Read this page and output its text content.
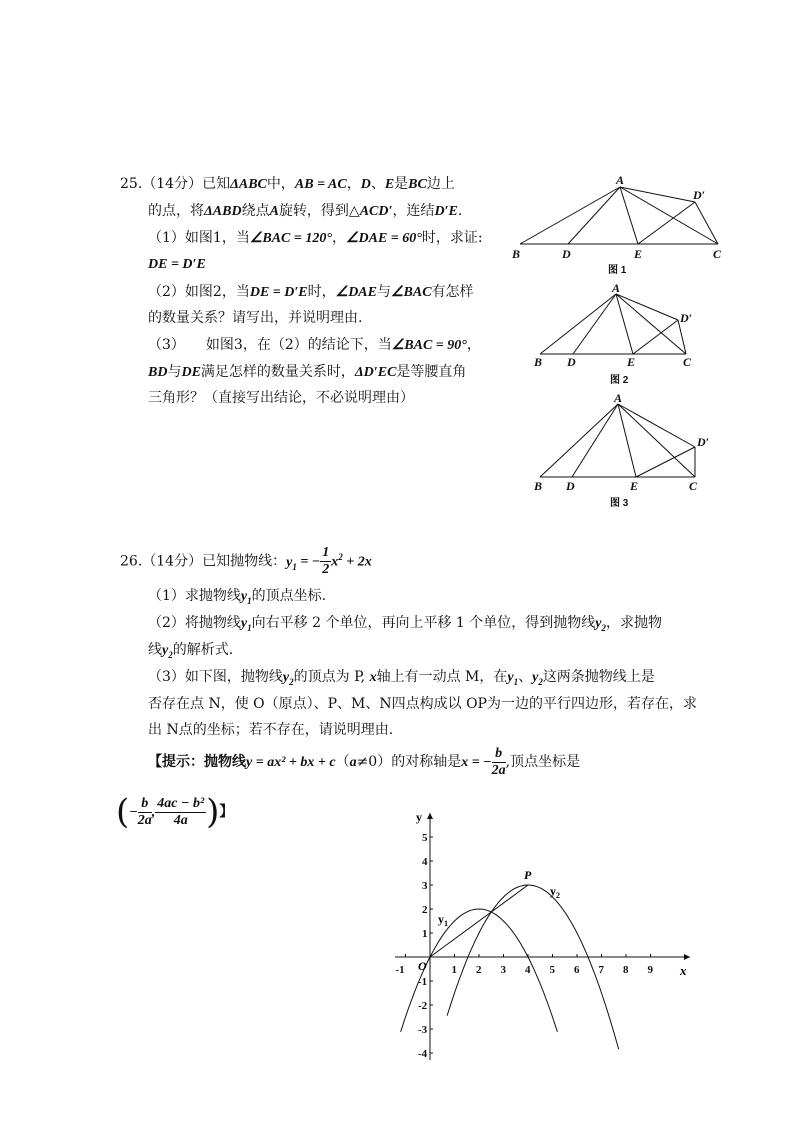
25.（14分）已知ΔABC中，AB = AC，D、E是BC边上
的点，将ΔABD绕点A旋转，得到△ACD′，连结D′E.
（1）如图1，当∠BAC = 120°，∠DAE = 60°时，求证:
DE = D′E
（2）如图2，当DE = D′E时，∠DAE与∠BAC有怎样
的数量关系？请写出，并说明理由.
（3）　　如图3，在（2）的结论下，当∠BAC = 90°，
BD与DE满足怎样的数量关系时，ΔD′EC是等腰直角
三角形？（直接写出结论，不必说明理由）
A
B	D	E	C
D′
图 1
A
B D	E	C
D′
图 2
A
B D	E	C
D′
图 3
26.（14分）已知抛物线：$y_1$ = − $\frac{1}{2} x^2 + 2x$
（1）求抛物线$y_1$的顶点坐标.
（2）将抛物线$y_1$向右平移 2 个单位，再向上平移 1 个单位，得到抛物线$y_2$，求抛物
线$y_2$的解析式.
（3）如下图，抛物线$y_2$的顶点为 P, x轴上有一动点 M，在$y_1$、$y_2$这两条抛物线上是
否存在点 N，使 O（原点）、P、M、N四点构成以 OP为一边的平行四边形，若存在，求
出 N点的坐标；若不存在，请说明理由.
【提示：抛物线y = ax² + bx + c（a≠0）的对称轴是x = − $\frac{b}{2a}$ ,顶点坐标是
(− $\frac{b}{2a}$ , $\frac{\text{4ac − b²}}{4a}$ )】
-1	1 2 3 4 5 6 7 8 9
1
2
3
4
5
-1
-2
-3
-4
y
x
O
P
$y_1$
$y_2$
